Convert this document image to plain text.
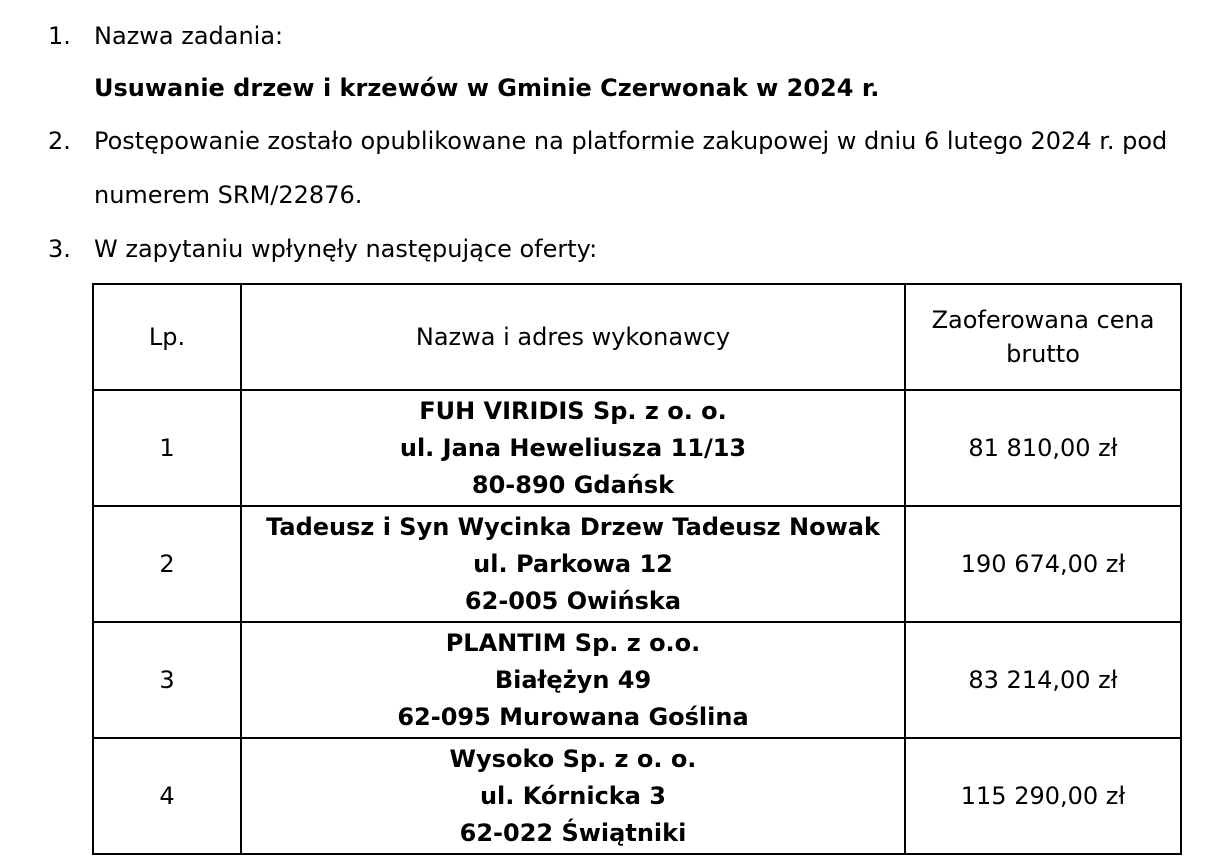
1. Nazwa zadania:
Usuwanie drzew i krzewów w Gminie Czerwonak w 2024 r.
2. Postępowanie zostało opublikowane na platformie zakupowej w dniu 6 lutego 2024 r. pod
numerem SRM/22876.
3. W zapytaniu wpłynęły następujące oferty:
Lp.	Nazwa i adres wykonawcy	Zaoferowana cena
brutto

1	FUH VIRIDIS Sp. z o. o.
ul. Jana Heweliusza 11/13
80-890 Gdańsk	81 810,00 zł
2	Tadeusz i Syn Wycinka Drzew Tadeusz Nowak
ul. Parkowa 12
62-005 Owińska	190 674,00 zł
3	PLANTIM Sp. z o.o.
Białężyn 49
62-095 Murowana Goślina	83 214,00 zł
4	Wysoko Sp. z o. o.
ul. Kórnicka 3
62-022 Świątniki	115 290,00 zł
